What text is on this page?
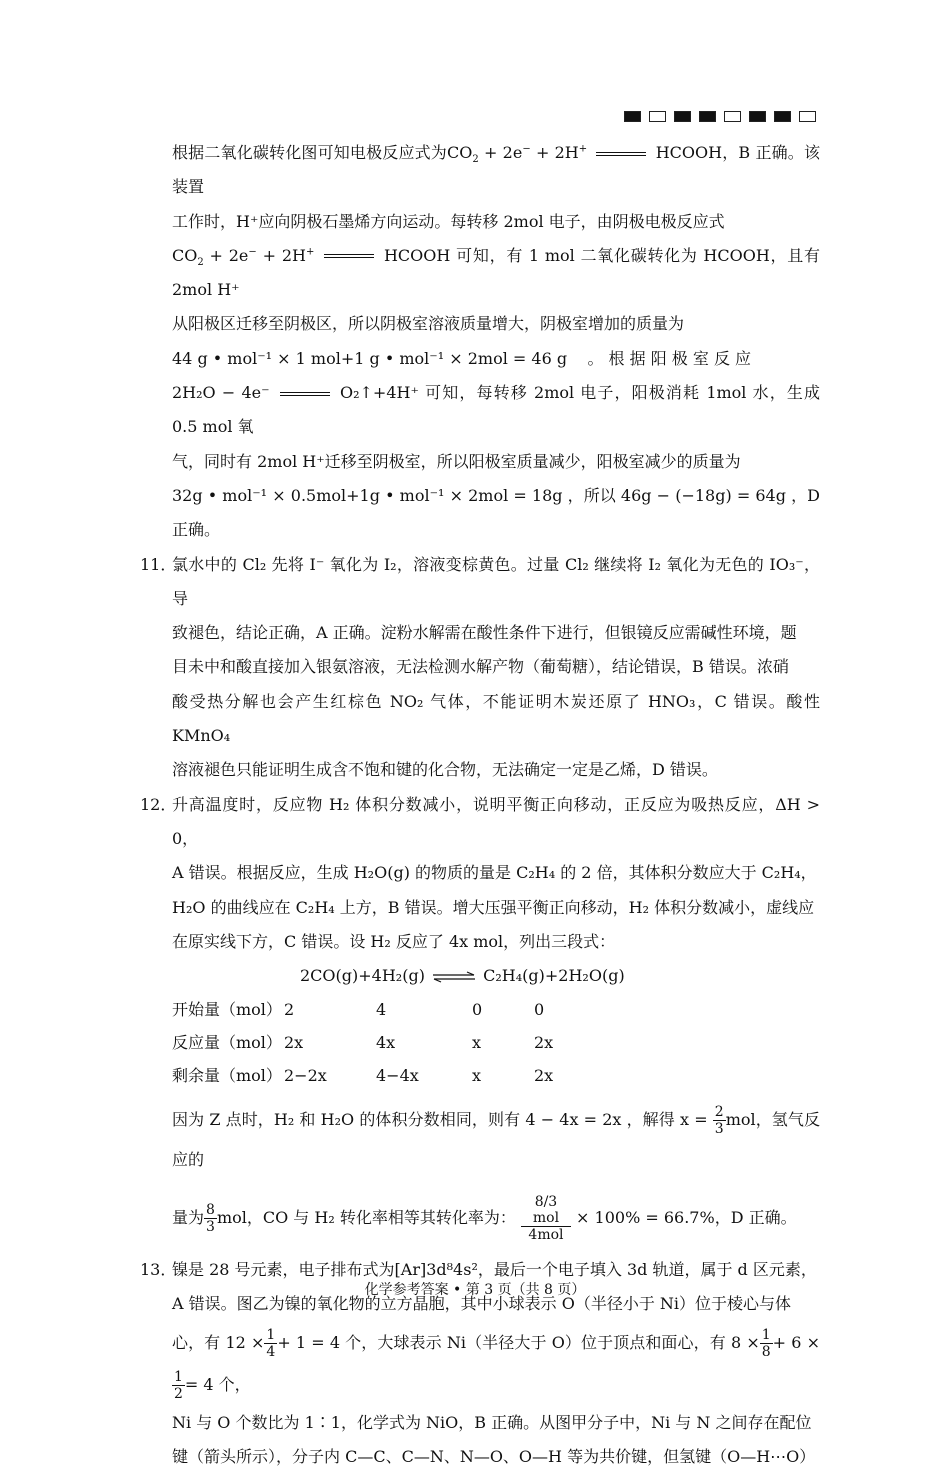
根据二氧化碳转化图可知电极反应式为$CO_2 + 2e^- + 2H^+$	HCOOH，B 正确。该装置
工作时，H⁺应向阴极石墨烯方向运动。每转移 2mol 电子，由阴极电极反应式
$CO_2 + 2e^- + 2H^+$	HCOOH 可知，有 1 mol 二氧化碳转化为 HCOOH，且有 2mol H⁺
从阳极区迁移至阴极区，所以阴极室溶液质量增大，阴极室增加的质量为
44 g • mol⁻¹ × 1 mol+1 g • mol⁻¹ × 2mol = 46 g 。 根 据 阳 极 室 反 应
2H₂O − 4e⁻	O₂↑+4H⁺ 可知，每转移 2mol 电子，阳极消耗 1mol 水，生成 0.5 mol 氧
气，同时有 2mol H⁺迁移至阴极室，所以阳极室质量减少，阳极室减少的质量为
32g • mol⁻¹ × 0.5mol+1g • mol⁻¹ × 2mol = 18g ，所以 46g − (−18g) = 64g ，D 正确。
11．
氯水中的 Cl₂ 先将 I⁻ 氧化为 I₂，溶液变棕黄色。过量 Cl₂ 继续将 I₂ 氧化为无色的 IO₃⁻，导
致褪色，结论正确，A 正确。淀粉水解需在酸性条件下进行，但银镜反应需碱性环境，题
目未中和酸直接加入银氨溶液，无法检测水解产物（葡萄糖），结论错误，B 错误。浓硝
酸受热分解也会产生红棕色 NO₂ 气体，不能证明木炭还原了 HNO₃，C 错误。酸性 KMnO₄
溶液褪色只能证明生成含不饱和键的化合物，无法确定一定是乙烯，D 错误。
12．
升高温度时，反应物 H₂ 体积分数减小，说明平衡正向移动，正反应为吸热反应，ΔH > 0，
A 错误。根据反应，生成 H₂O(g) 的物质的量是 C₂H₄ 的 2 倍，其体积分数应大于 C₂H₄，
H₂O 的曲线应在 C₂H₄ 上方，B 错误。增大压强平衡正向移动，H₂ 体积分数减小，虚线应
在原实线下方，C 错误。设 H₂ 反应了 4x mol，列出三段式：
2CO(g)+4H₂(g) ⇌ C₂H₄(g)+2H₂O(g)
开始量（mol） 2	4	0	0
反应量（mol） 2x	4x	x	2x
剩余量（mol） 2−2x	4−4x	x	2x
因为 Z 点时，H₂ 和 H₂O 的体积分数相同，则有 4 − 4x = 2x ，解得 $x = \frac{2}{3}$ mol，氢气反应的
量为 $\frac{8}{3}$ mol，CO 与 H₂ 转化率相等其转化率为： $\frac{\text{8/3 mol}}{\text{4mol}} \times 100\% = 66.7\%$，D 正确。
13．
镍是 28 号元素，电子排布式为[Ar]3d⁸4s²，最后一个电子填入 3d 轨道，属于 d 区元素，
A 错误。图乙为镍的氧化物的立方晶胞，其中小球表示 O（半径小于 Ni）位于棱心与体
心，有 $12 \times \frac{1}{4} + 1 = 4$ 个，大球表示 Ni（半径大于 O）位于顶点和面心，有 $8 \times \frac{1}{8} + 6$ ×
$\frac{1}{2} = 4$ 个，
Ni 与 O 个数比为 1∶1，化学式为 NiO，B 正确。从图甲分子中，Ni 与 N 之间存在配位
键（箭头所示），分子内 C—C、C—N、N—O、O—H 等为共价键，但氢键（O—H⋯O）
化学参考答案 • 第 3 页（共 8 页）
